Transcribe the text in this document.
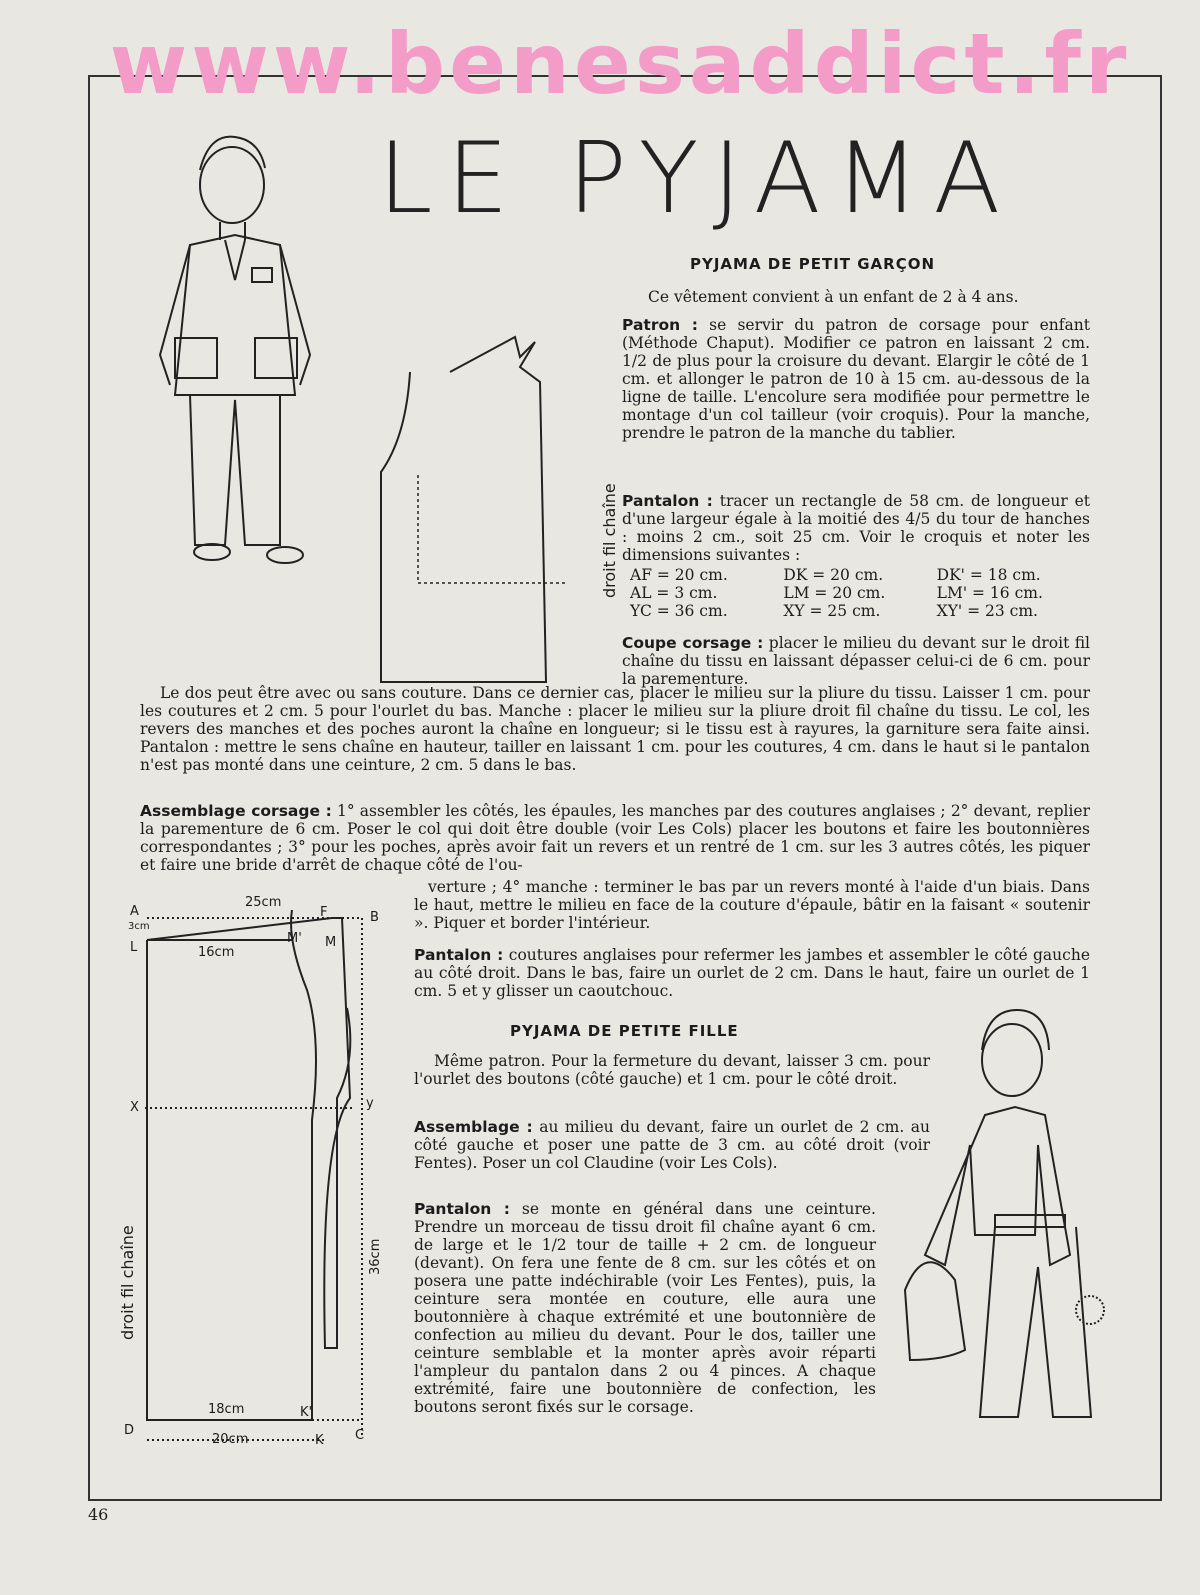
www.benesaddict.fr
LE PYJAMA
droit fil chaîne
droit fil chaîne
A	B
C
D
F
K
K'
L	M
M'
X	y
25cm
16cm
18cm
20cm
3cm
36cm
PYJAMA DE PETIT GARÇON

Ce vêtement convient à un enfant de 2 à 4 ans.

Patron : se servir du patron de corsage pour enfant (Méthode Chaput). Modifier ce patron en laissant 2 cm. 1/2 de plus pour la croisure du devant. Elargir le côté de 1 cm. et allonger le patron de 10 à 15 cm. au-dessous de la ligne de taille. L'encolure sera modifiée pour permettre le montage d'un col tailleur (voir croquis). Pour la manche, prendre le patron de la manche du tablier.

Pantalon : tracer un rectangle de 58 cm. de longueur et d'une largeur égale à la moitié des 4/5 du tour de hanches : moins 2 cm., soit 25 cm. Voir le croquis et noter les dimensions suivantes :

AF = 20 cm.	DK = 20 cm.	DK' = 18 cm.
AL = 3 cm.	LM = 20 cm.	LM' = 16 cm.
YC = 36 cm.	XY = 25 cm.	XY' = 23 cm.

Coupe corsage : placer le milieu du devant sur le droit fil chaîne du tissu en laissant dépasser celui-ci de 6 cm. pour la parementure.

Le dos peut être avec ou sans couture. Dans ce dernier cas, placer le milieu sur la pliure du tissu. Laisser 1 cm. pour les coutures et 2 cm. 5 pour l'ourlet du bas. Manche : placer le milieu sur la pliure droit fil chaîne du tissu. Le col, les revers des manches et des poches auront la chaîne en longueur; si le tissu est à rayures, la garniture sera faite ainsi. Pantalon : mettre le sens chaîne en hauteur, tailler en laissant 1 cm. pour les coutures, 4 cm. dans le haut si le pantalon n'est pas monté dans une ceinture, 2 cm. 5 dans le bas.

Assemblage corsage : 1° assembler les côtés, les épaules, les manches par des coutures anglaises ; 2° devant, replier la parementure de 6 cm. Poser le col qui doit être double (voir Les Cols) placer les boutons et faire les boutonnières correspondantes ; 3° pour les poches, après avoir fait un revers et un rentré de 1 cm. sur les 3 autres côtés, les piquer et faire une bride d'arrêt de chaque côté de l'ou-

verture ; 4° manche : terminer le bas par un revers monté à l'aide d'un biais. Dans le haut, mettre le milieu en face de la couture d'épaule, bâtir en la faisant « soutenir ». Piquer et border l'intérieur.

Pantalon : coutures anglaises pour refermer les jambes et assembler le côté gauche au côté droit. Dans le bas, faire un ourlet de 2 cm. Dans le haut, faire un ourlet de 1 cm. 5 et y glisser un caoutchouc.

PYJAMA DE PETITE FILLE

Même patron. Pour la fermeture du devant, laisser 3 cm. pour l'ourlet des boutons (côté gauche) et 1 cm. pour le côté droit.

Assemblage : au milieu du devant, faire un ourlet de 2 cm. au côté gauche et poser une patte de 3 cm. au côté droit (voir Fentes). Poser un col Claudine (voir Les Cols).

Pantalon : se monte en général dans une ceinture. Prendre un morceau de tissu droit fil chaîne ayant 6 cm. de large et le 1/2 tour de taille + 2 cm. de longueur (devant). On fera une fente de 8 cm. sur les côtés et on posera une patte indéchirable (voir Les Fentes), puis, la ceinture sera montée en couture, elle aura une boutonnière à chaque extrémité et une boutonnière de confection au milieu du devant. Pour le dos, tailler une ceinture semblable et la monter après avoir réparti l'ampleur du pantalon dans 2 ou 4 pinces. A chaque extrémité, faire une boutonnière de confection, les boutons seront fixés sur le corsage.

46
